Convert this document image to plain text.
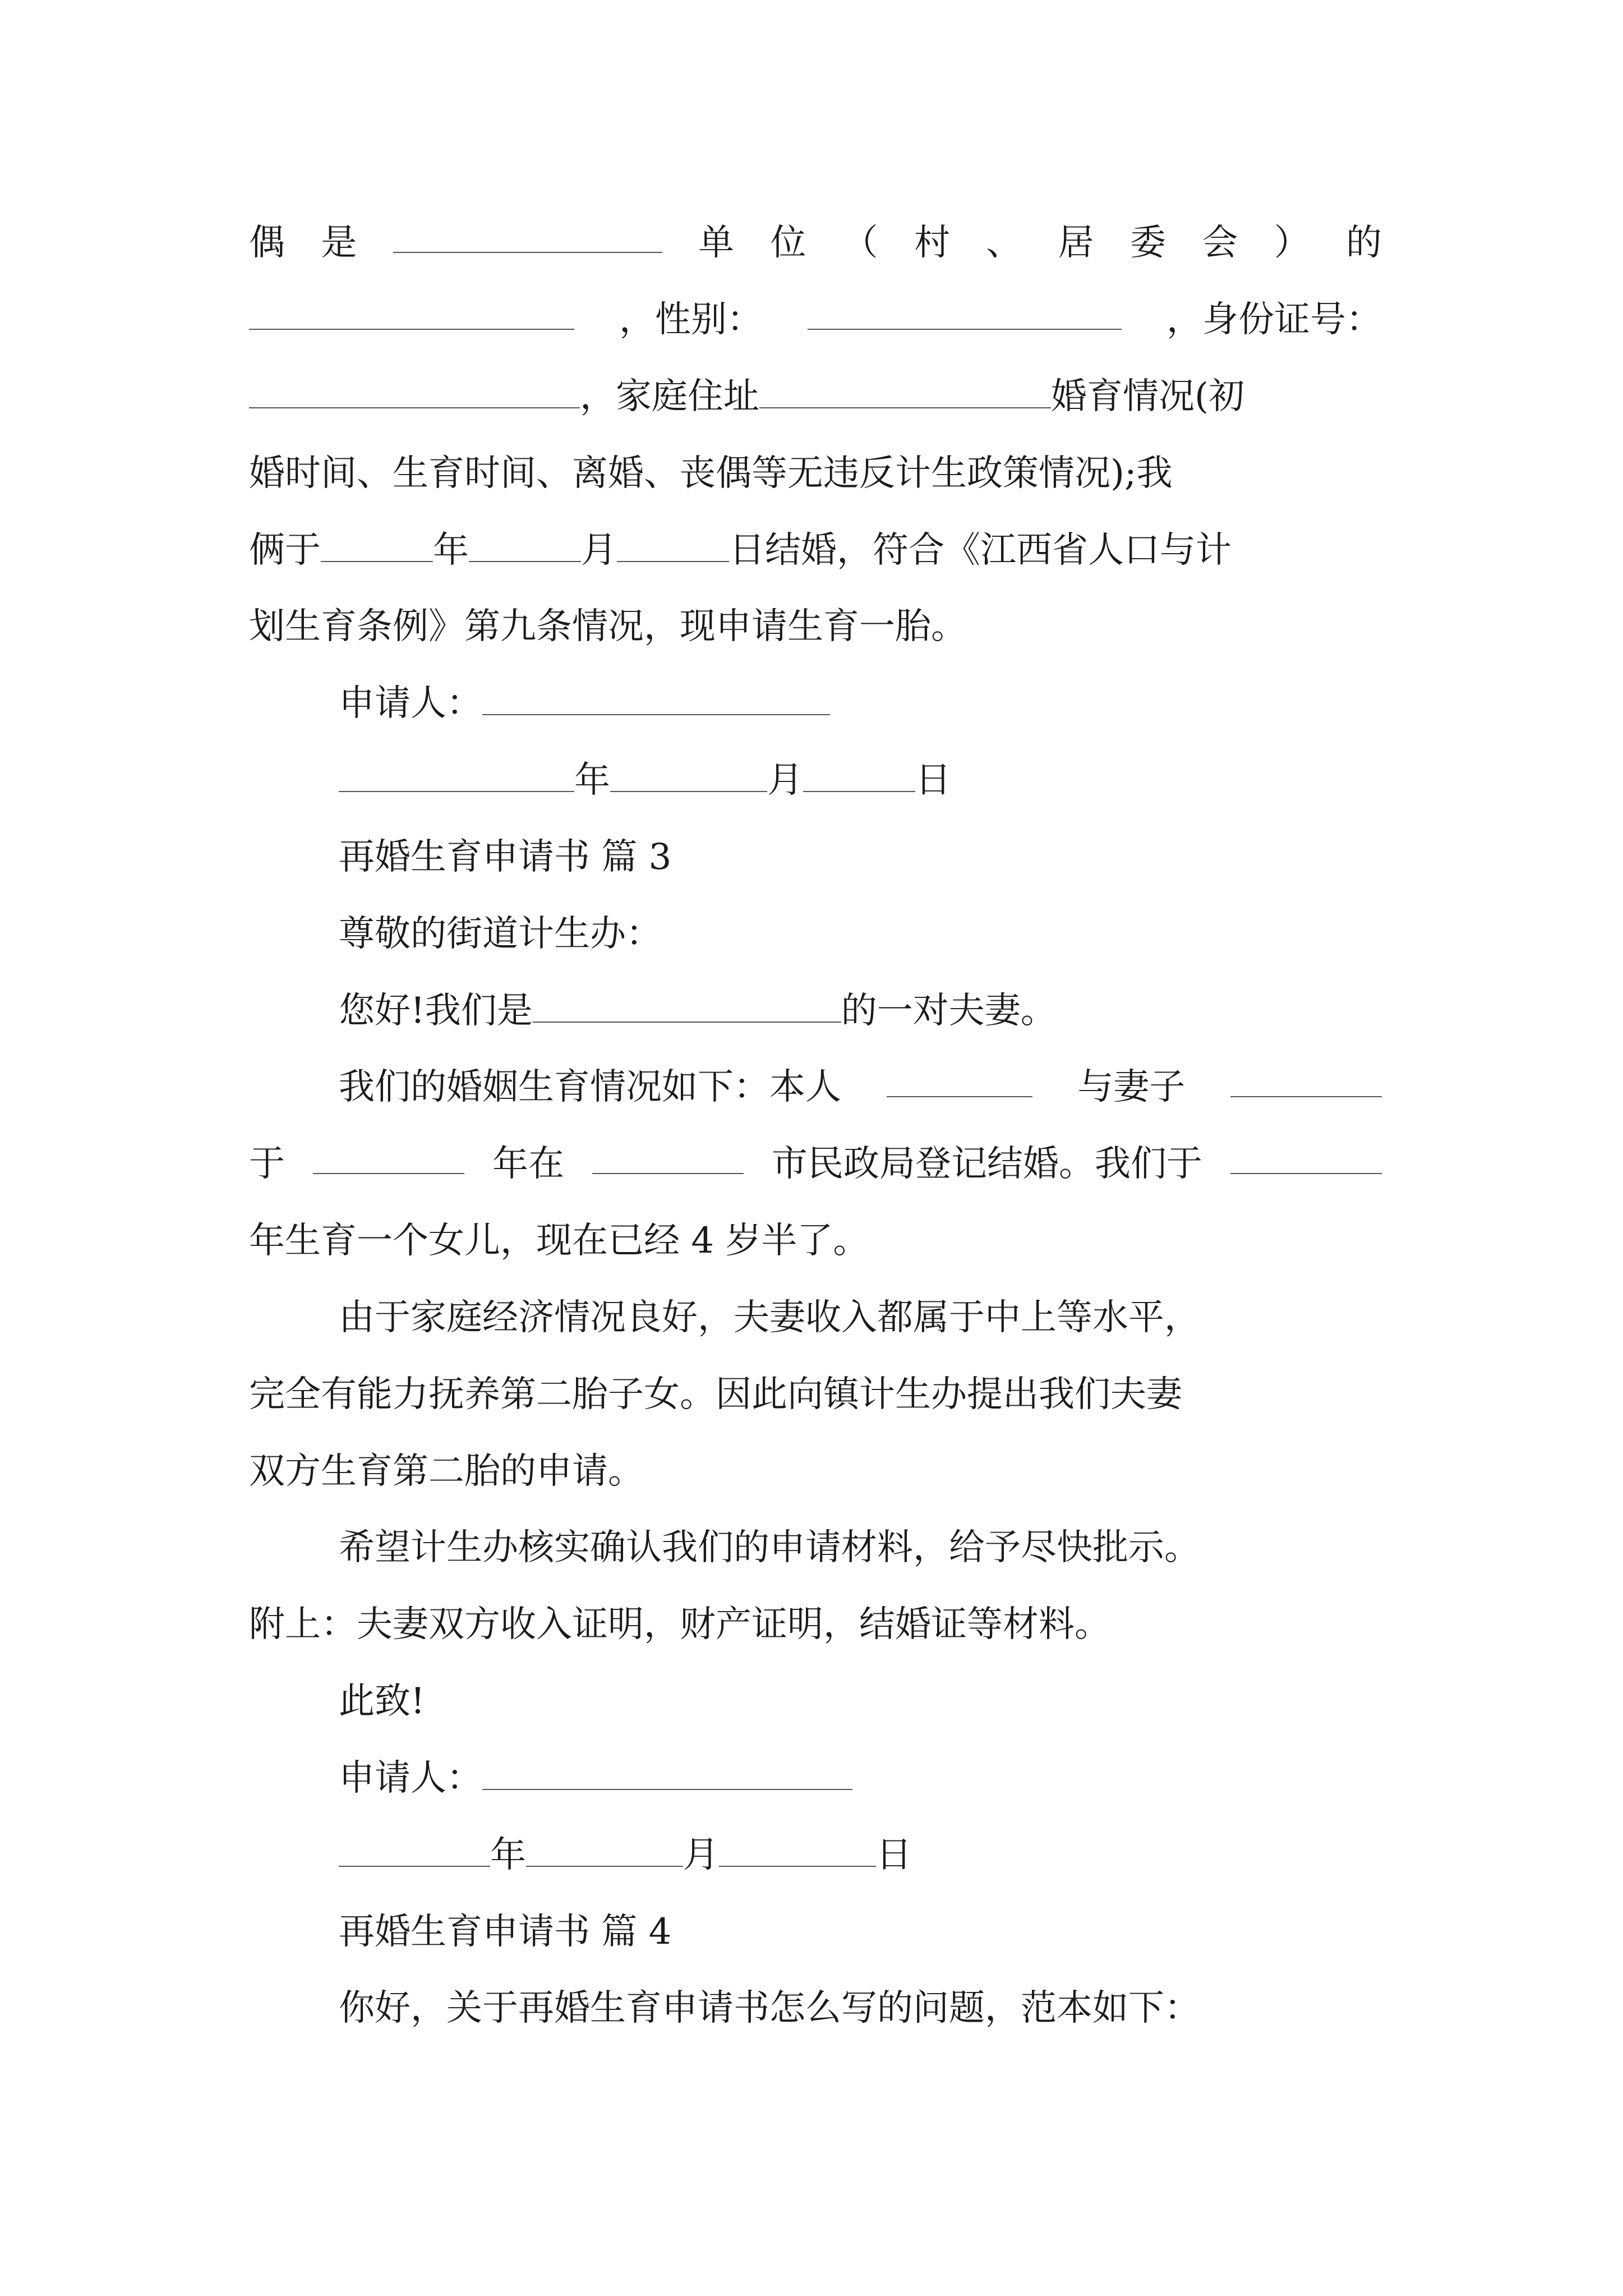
偶 是	单 位 （ 村 、 居 委 会 ） 的
，性别：	，身份证号：
，家庭住址	婚育情况(初
婚时间、生育时间、离婚、丧偶等无违反计生政策情况);我
俩于	年	月	日结婚，符合《江西省人口与计
划生育条例》第九条情况，现申请生育一胎。
申请人：
年	月	日
再婚生育申请书 篇 3
尊敬的街道计生办：
您好!我们是	的一对夫妻。
我们的婚姻生育情况如下：本人	与妻子
于	年在	市民政局登记结婚。我们于
年生育一个女儿，现在已经 4 岁半了。
由于家庭经济情况良好，夫妻收入都属于中上等水平，
完全有能力抚养第二胎子女。因此向镇计生办提出我们夫妻
双方生育第二胎的申请。
希望计生办核实确认我们的申请材料，给予尽快批示。
附上：夫妻双方收入证明，财产证明，结婚证等材料。
此致!
申请人：
年	月	日
再婚生育申请书 篇 4
你好，关于再婚生育申请书怎么写的问题，范本如下：
